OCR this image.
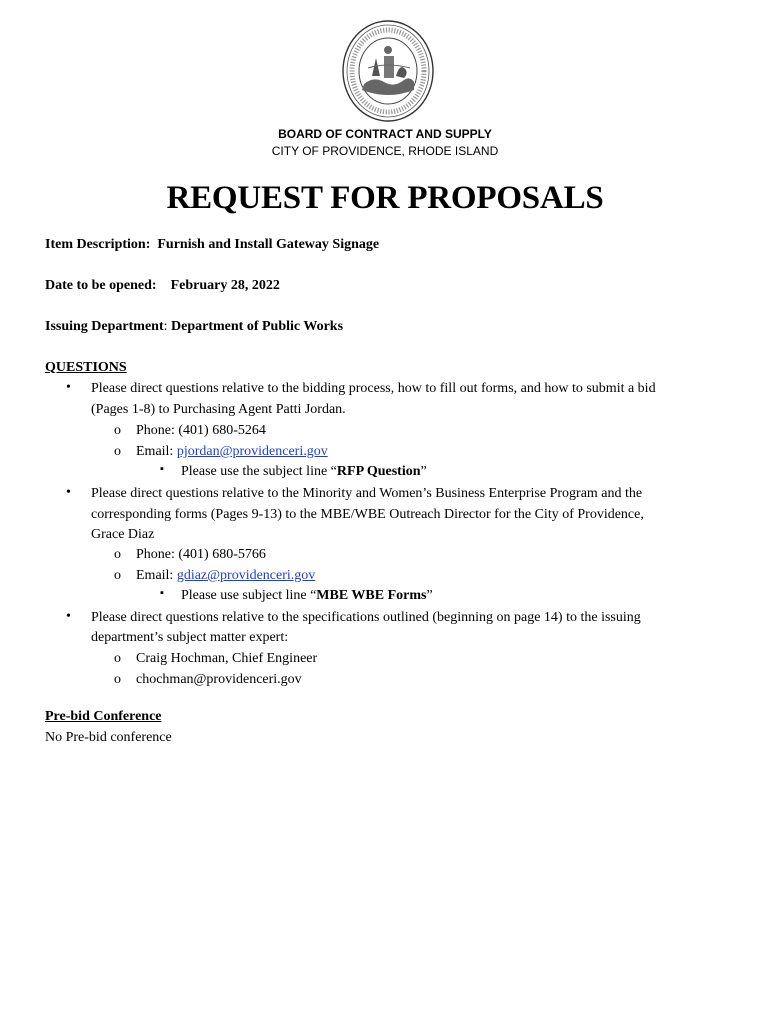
BOARD OF CONTRACT AND SUPPLY
CITY OF PROVIDENCE, RHODE ISLAND
REQUEST FOR PROPOSALS
Item Description: Furnish and Install Gateway Signage
Date to be opened: February 28, 2022
Issuing Department: Department of Public Works
QUESTIONS
• Please direct questions relative to the bidding process, how to fill out forms, and how to submit a bid
(Pages 1-8) to Purchasing Agent Patti Jordan.
o Phone: (401) 680-5264
o Email: pjordan@providenceri.gov
▪ Please use the subject line “RFP Question”
• Please direct questions relative to the Minority and Women’s Business Enterprise Program and the
corresponding forms (Pages 9-13) to the MBE/WBE Outreach Director for the City of Providence,
Grace Diaz
o Phone: (401) 680-5766
o Email: gdiaz@providenceri.gov
▪ Please use subject line “MBE WBE Forms”
• Please direct questions relative to the specifications outlined (beginning on page 14) to the issuing
department’s subject matter expert:
o Craig Hochman, Chief Engineer
o chochman@providenceri.gov
Pre-bid Conference
No Pre-bid conference
